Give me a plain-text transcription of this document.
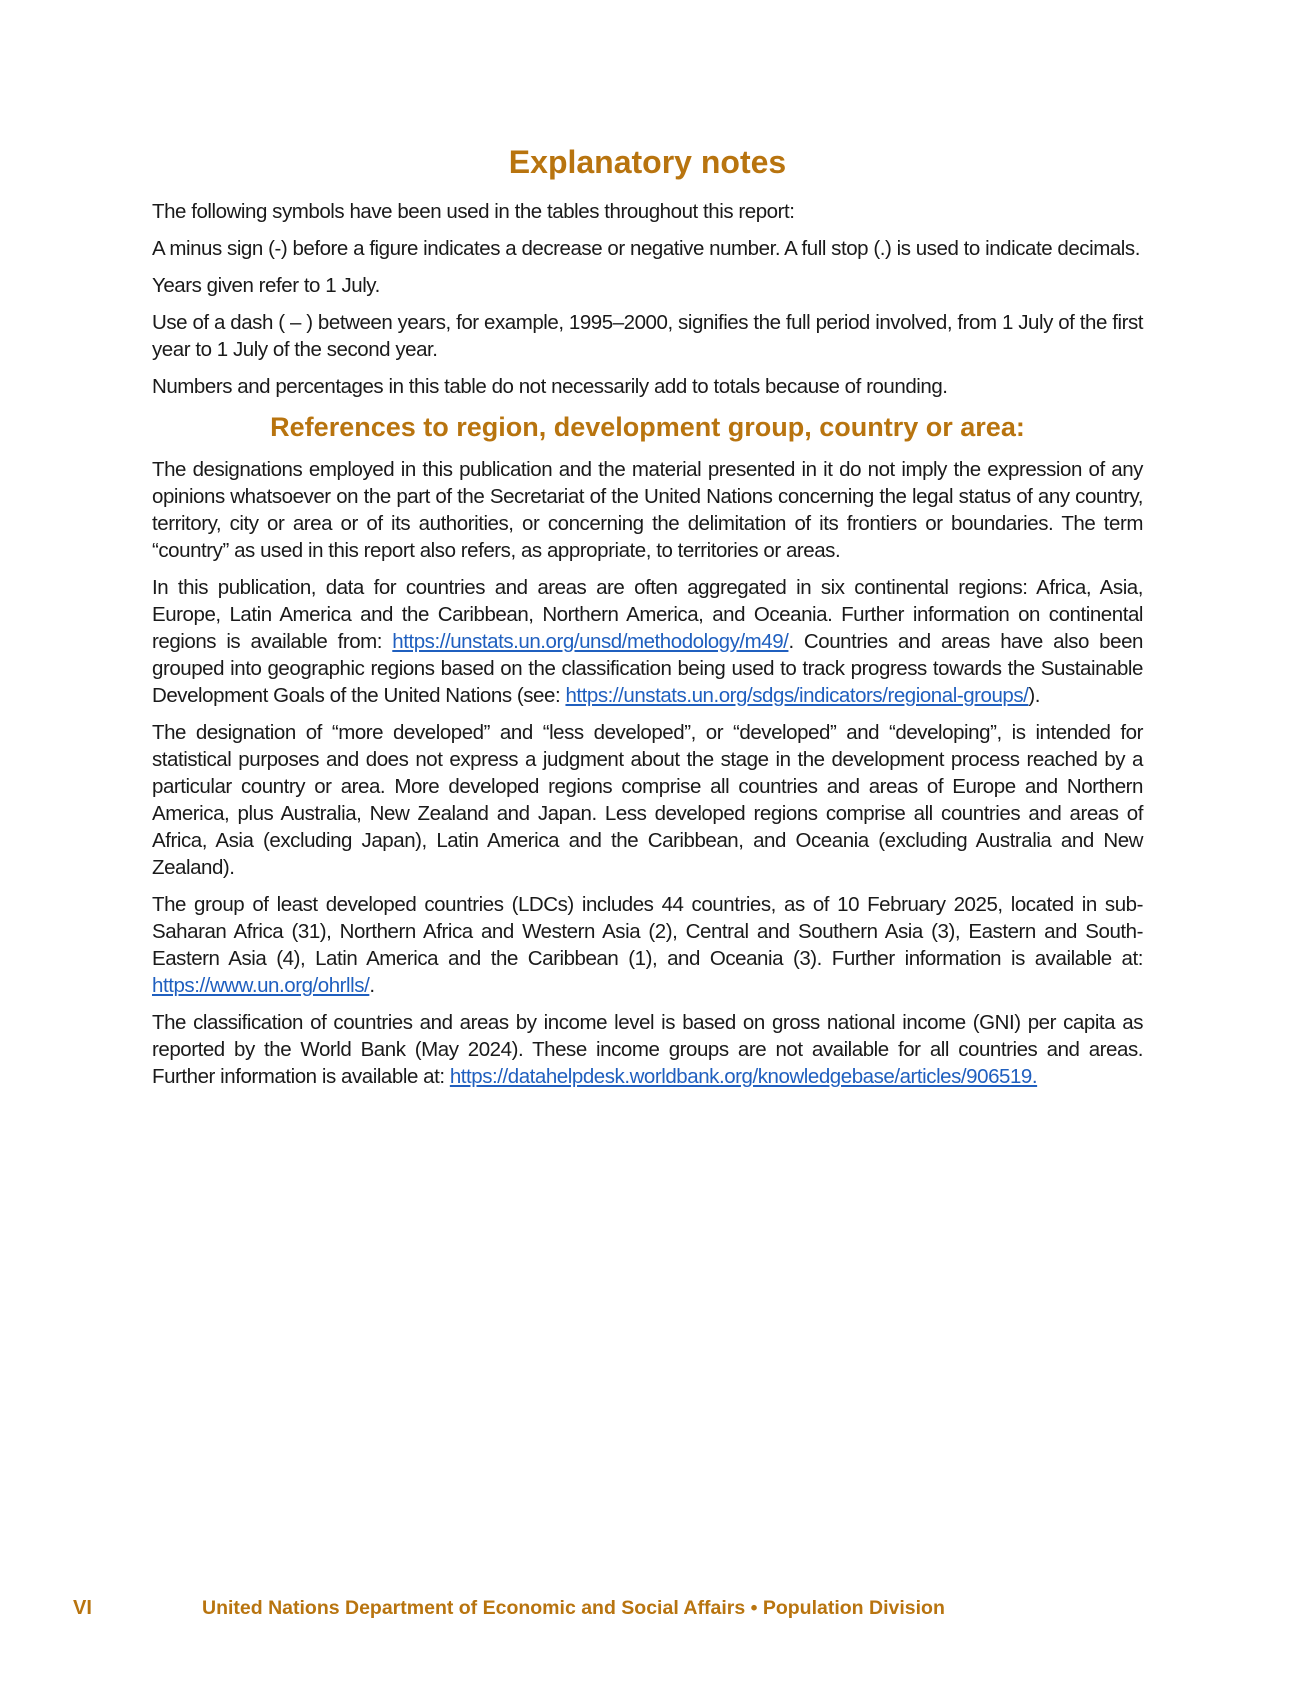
Explanatory notes

The following symbols have been used in the tables throughout this report:

A minus sign (-) before a figure indicates a decrease or negative number. A full stop (.) is used to indicate decimals.

Years given refer to 1 July.

Use of a dash ( – ) between years, for example, 1995–2000, signifies the full period involved, from 1 July of the first year to 1 July of the second year.

Numbers and percentages in this table do not necessarily add to totals because of rounding.

References to region, development group, country or area:

The designations employed in this publication and the material presented in it do not imply the expression of any opinions whatsoever on the part of the Secretariat of the United Nations concerning the legal status of any country, territory, city or area or of its authorities, or concerning the delimitation of its frontiers or boundaries. The term “country” as used in this report also refers, as appropriate, to territories or areas.

In this publication, data for countries and areas are often aggregated in six continental regions: Africa, Asia, Europe, Latin America and the Caribbean, Northern America, and Oceania. Further information on continental regions is available from: https://unstats.un.org/unsd/methodology/m49/. Countries and areas have also been grouped into geographic regions based on the classification being used to track progress towards the Sustainable Development Goals of the United Nations (see: https://unstats.un.org/sdgs/indicators/regional-groups/).

The designation of “more developed” and “less developed”, or “developed” and “developing”, is intended for statistical purposes and does not express a judgment about the stage in the development process reached by a particular country or area. More developed regions comprise all countries and areas of Europe and Northern America, plus Australia, New Zealand and Japan. Less developed regions comprise all countries and areas of Africa, Asia (excluding Japan), Latin America and the Caribbean, and Oceania (excluding Australia and New Zealand).

The group of least developed countries (LDCs) includes 44 countries, as of 10 February 2025, located in sub-Saharan Africa (31), Northern Africa and Western Asia (2), Central and Southern Asia (3), Eastern and South-Eastern Asia (4), Latin America and the Caribbean (1), and Oceania (3). Further information is available at: https://www.un.org/ohrlls/.

The classification of countries and areas by income level is based on gross national income (GNI) per capita as reported by the World Bank (May 2024). These income groups are not available for all countries and areas. Further information is available at: https://datahelpdesk.worldbank.org/knowledgebase/articles/906519.

VI	United Nations Department of Economic and Social Affairs • Population Division
